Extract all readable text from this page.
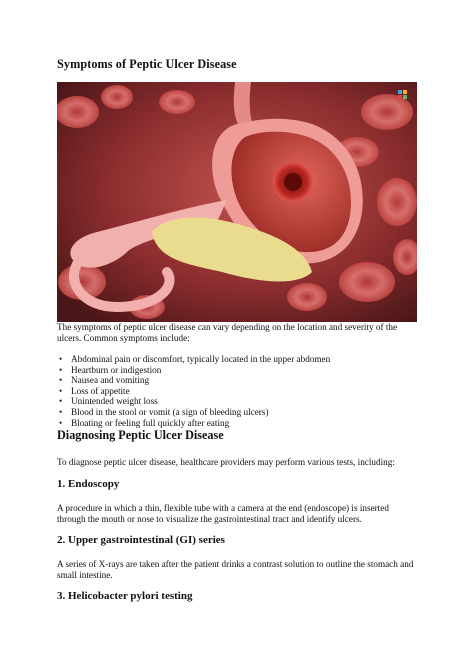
Symptoms of Peptic Ulcer Disease

The symptoms of peptic ulcer disease can vary depending on the location and severity of the
ulcers. Common symptoms include:

• Abdominal pain or discomfort, typically located in the upper abdomen
• Heartburn or indigestion
• Nausea and vomiting
• Loss of appetite
• Unintended weight loss
• Blood in the stool or vomit (a sign of bleeding ulcers)
• Bloating or feeling full quickly after eating
Diagnosing Peptic Ulcer Disease

To diagnose peptic ulcer disease, healthcare providers may perform various tests, including:

1. Endoscopy

A procedure in which a thin, flexible tube with a camera at the end (endoscope) is inserted
through the mouth or nose to visualize the gastrointestinal tract and identify ulcers.

2. Upper gastrointestinal (GI) series

A series of X-rays are taken after the patient drinks a contrast solution to outline the stomach and
small intestine.

3. Helicobacter pylori testing
